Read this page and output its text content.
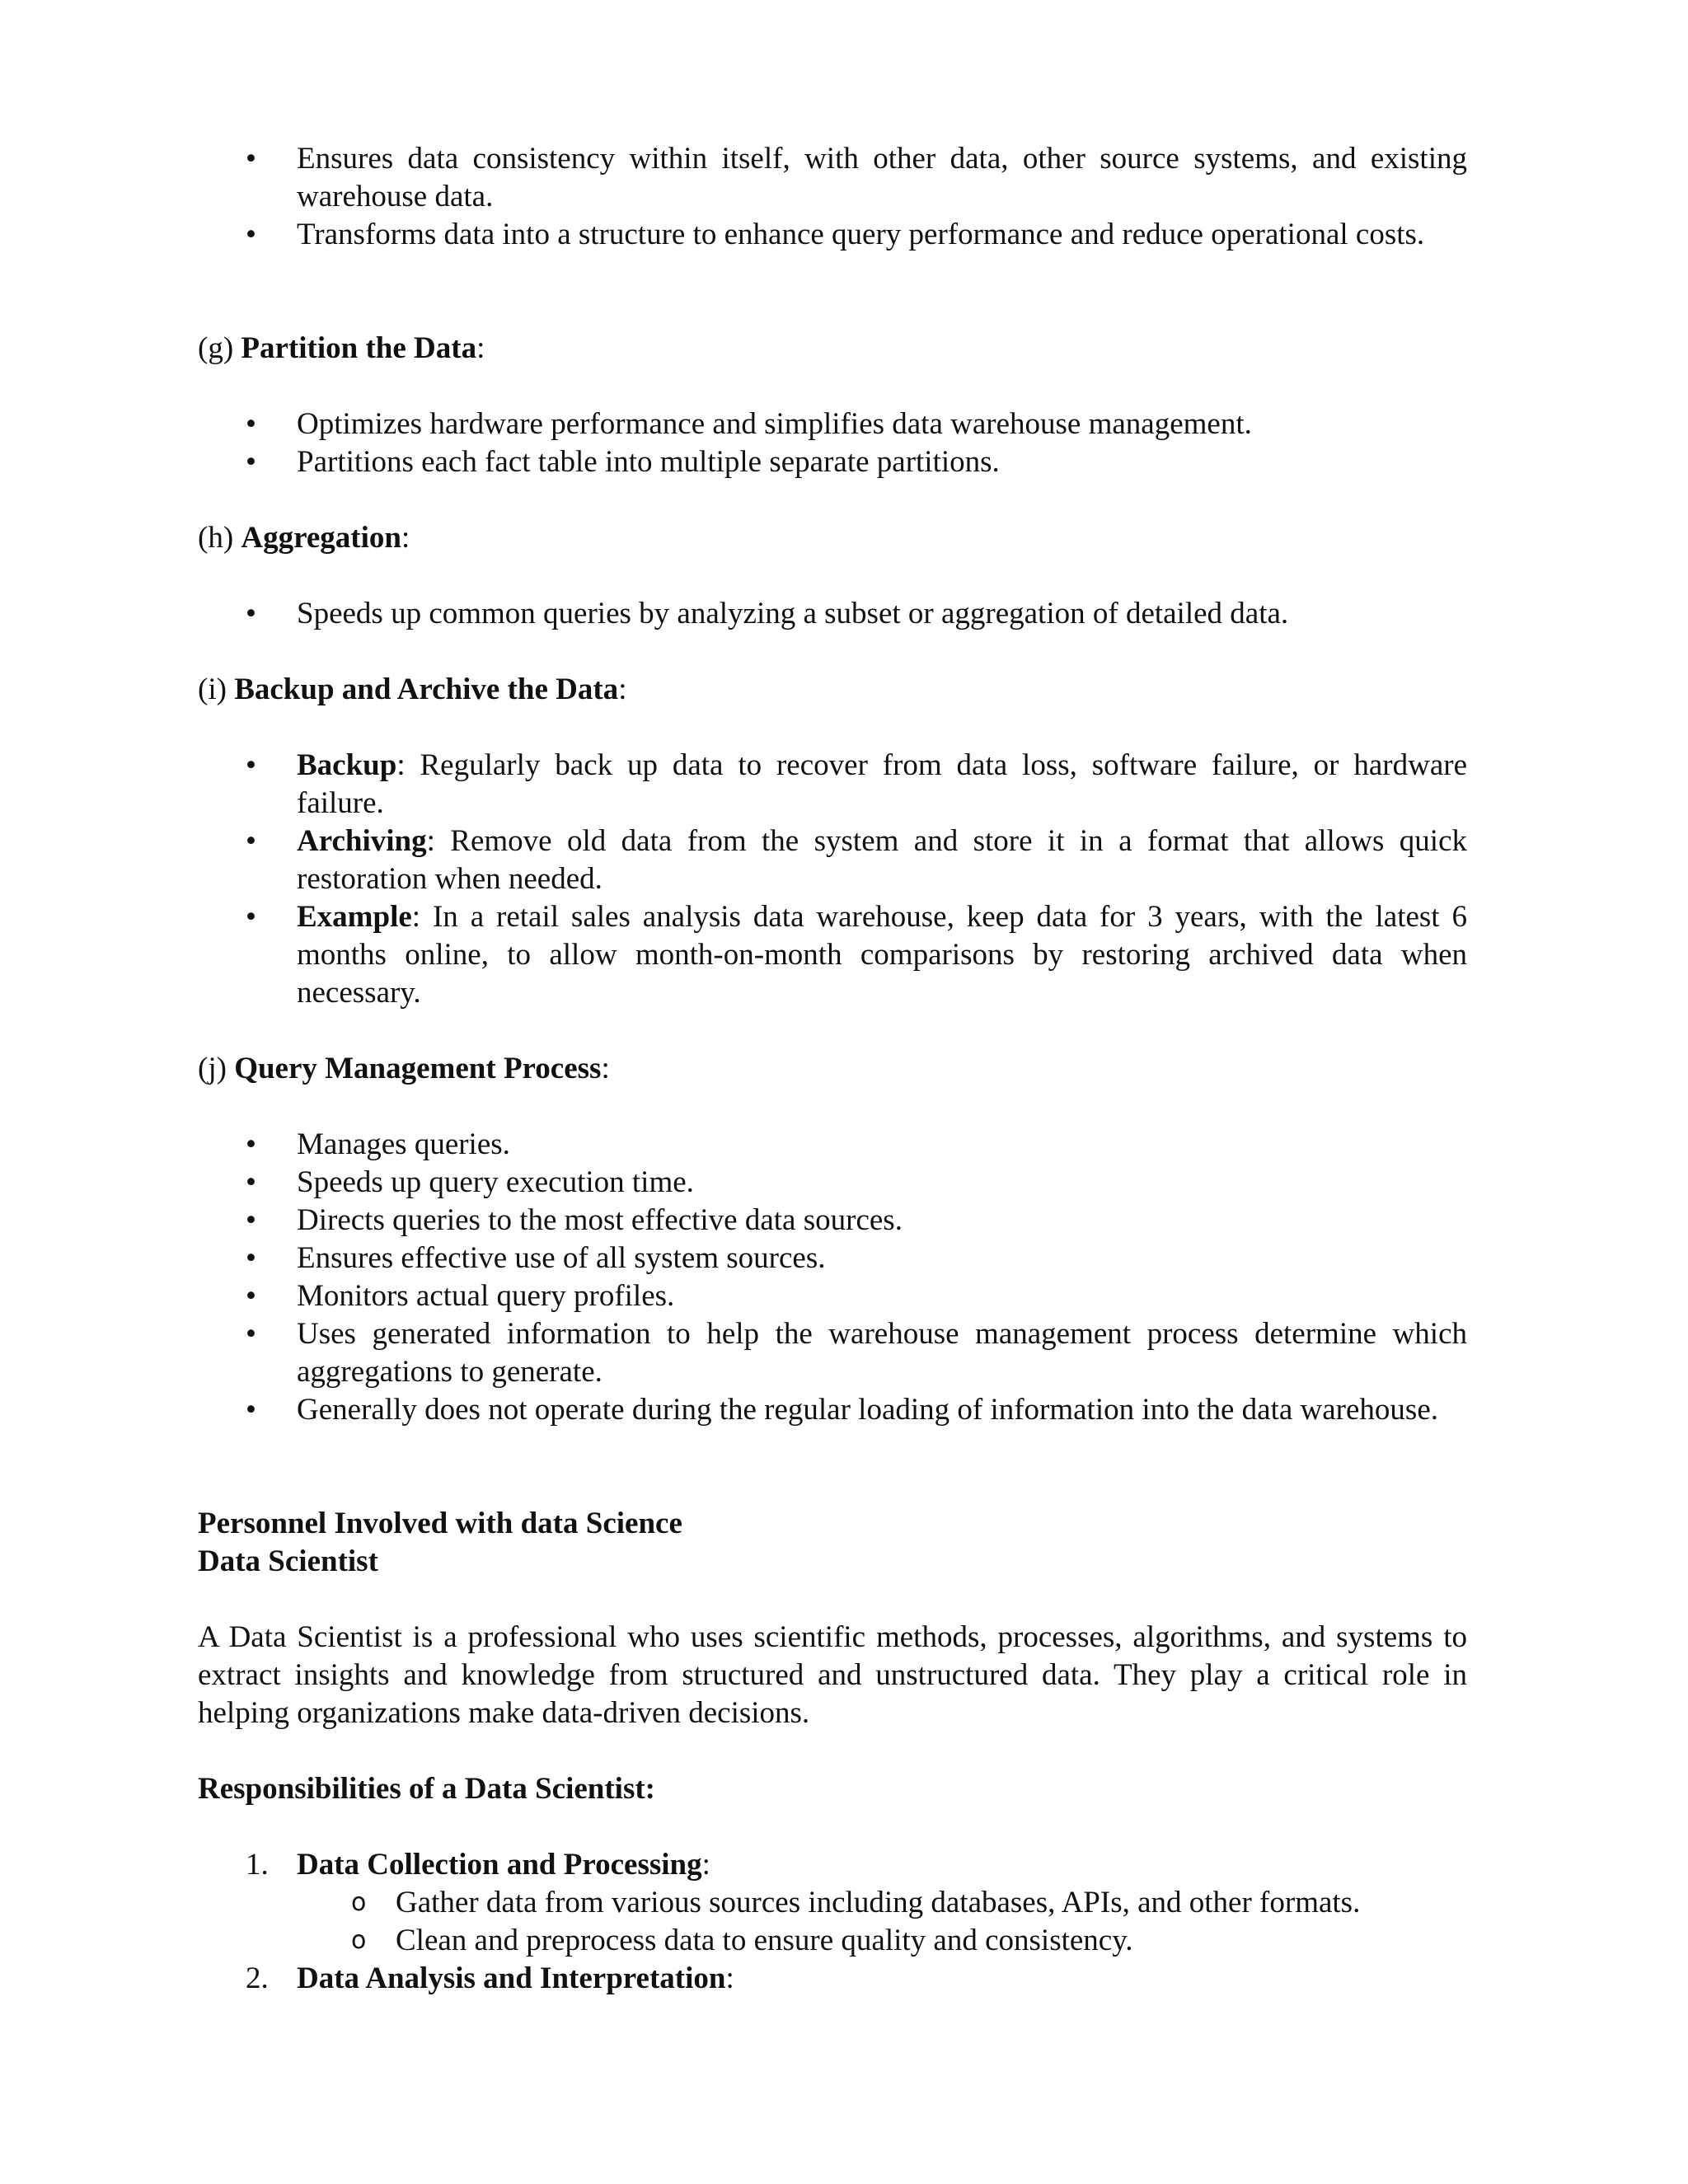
• Ensures data consistency within itself, with other data, other source systems, and existing warehouse data.
• Transforms data into a structure to enhance query performance and reduce operational costs.
(g) Partition the Data:
• Optimizes hardware performance and simplifies data warehouse management.
• Partitions each fact table into multiple separate partitions.
(h) Aggregation:
• Speeds up common queries by analyzing a subset or aggregation of detailed data.
(i) Backup and Archive the Data:
• Backup: Regularly back up data to recover from data loss, software failure, or hardware failure.
• Archiving: Remove old data from the system and store it in a format that allows quick restoration when needed.
• Example: In a retail sales analysis data warehouse, keep data for 3 years, with the latest 6 months online, to allow month-on-month comparisons by restoring archived data when necessary.
(j) Query Management Process:
• Manages queries.
• Speeds up query execution time.
• Directs queries to the most effective data sources.
• Ensures effective use of all system sources.
• Monitors actual query profiles.
• Uses generated information to help the warehouse management process determine which aggregations to generate.
• Generally does not operate during the regular loading of information into the data warehouse.
Personnel Involved with data Science
Data Scientist
A Data Scientist is a professional who uses scientific methods, processes, algorithms, and systems to extract insights and knowledge from structured and unstructured data. They play a critical role in helping organizations make data-driven decisions.
Responsibilities of a Data Scientist:
1. Data Collection and Processing:
o Gather data from various sources including databases, APIs, and other formats.
o Clean and preprocess data to ensure quality and consistency.
2. Data Analysis and Interpretation:
